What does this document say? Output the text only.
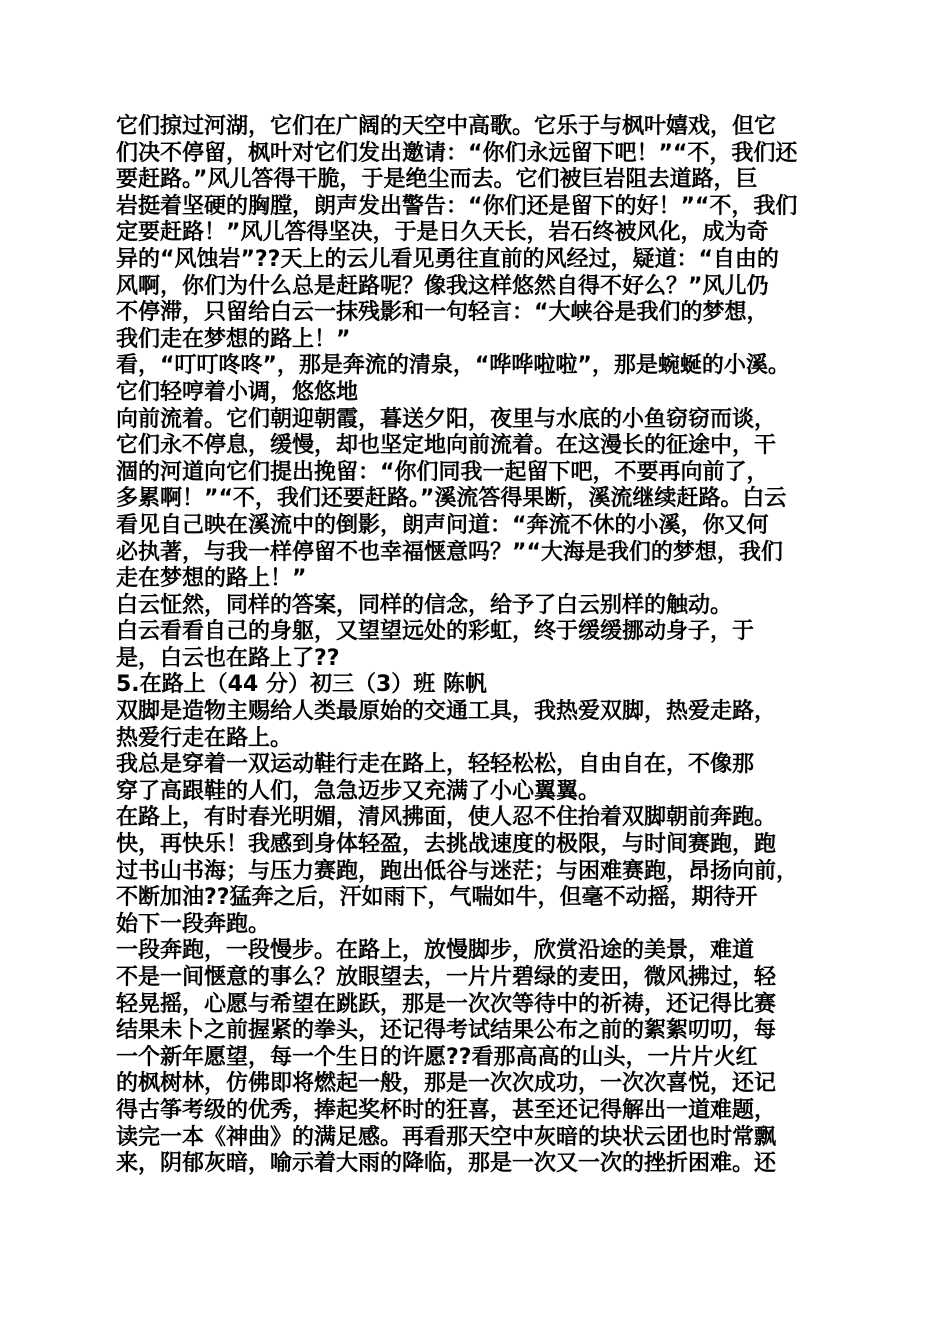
它们掠过河湖，它们在广阔的天空中高歌。它乐于与枫叶嬉戏，但它
们决不停留，枫叶对它们发出邀请：“你们永远留下吧！”“不，我们还
要赶路。”风儿答得干脆，于是绝尘而去。它们被巨岩阻去道路，巨
岩挺着坚硬的胸膛，朗声发出警告：“你们还是留下的好！”“不，我们
定要赶路！”风儿答得坚决，于是日久天长，岩石终被风化，成为奇
异的“风蚀岩”??天上的云儿看见勇往直前的风经过，疑道：“自由的
风啊，你们为什么总是赶路呢？像我这样悠然自得不好么？”风儿仍
不停滞，只留给白云一抹残影和一句轻言：“大峡谷是我们的梦想，
我们走在梦想的路上！”
看，“叮叮咚咚”，那是奔流的清泉，“哗哗啦啦”，那是蜿蜒的小溪。
它们轻哼着小调，悠悠地
向前流着。它们朝迎朝霞，暮送夕阳，夜里与水底的小鱼窃窃而谈，
它们永不停息，缓慢，却也坚定地向前流着。在这漫长的征途中，干
涸的河道向它们提出挽留：“你们同我一起留下吧，不要再向前了，
多累啊！”“不，我们还要赶路。”溪流答得果断，溪流继续赶路。白云
看见自己映在溪流中的倒影，朗声问道：“奔流不休的小溪，你又何
必执著，与我一样停留不也幸福惬意吗？”“大海是我们的梦想，我们
走在梦想的路上！”
白云怔然，同样的答案，同样的信念，给予了白云别样的触动。
白云看看自己的身躯，又望望远处的彩虹，终于缓缓挪动身子，于
是，白云也在路上了??
5.在路上（44 分）初三（3）班 陈帆
双脚是造物主赐给人类最原始的交通工具，我热爱双脚，热爱走路，
热爱行走在路上。
我总是穿着一双运动鞋行走在路上，轻轻松松，自由自在，不像那
穿了高跟鞋的人们，急急迈步又充满了小心翼翼。
在路上，有时春光明媚，清风拂面，使人忍不住抬着双脚朝前奔跑。
快，再快乐！我感到身体轻盈，去挑战速度的极限，与时间赛跑，跑
过书山书海；与压力赛跑，跑出低谷与迷茫；与困难赛跑，昂扬向前，
不断加油??猛奔之后，汗如雨下，气喘如牛，但毫不动摇，期待开
始下一段奔跑。
一段奔跑，一段慢步。在路上，放慢脚步，欣赏沿途的美景，难道
不是一间惬意的事么？放眼望去，一片片碧绿的麦田，微风拂过，轻
轻晃摇，心愿与希望在跳跃，那是一次次等待中的祈祷，还记得比赛
结果未卜之前握紧的拳头，还记得考试结果公布之前的絮絮叨叨，每
一个新年愿望，每一个生日的许愿??看那高高的山头，一片片火红
的枫树林，仿佛即将燃起一般，那是一次次成功，一次次喜悦，还记
得古筝考级的优秀，捧起奖杯时的狂喜，甚至还记得解出一道难题，
读完一本《神曲》的满足感。再看那天空中灰暗的块状云团也时常飘
来，阴郁灰暗，喻示着大雨的降临，那是一次又一次的挫折困难。还
